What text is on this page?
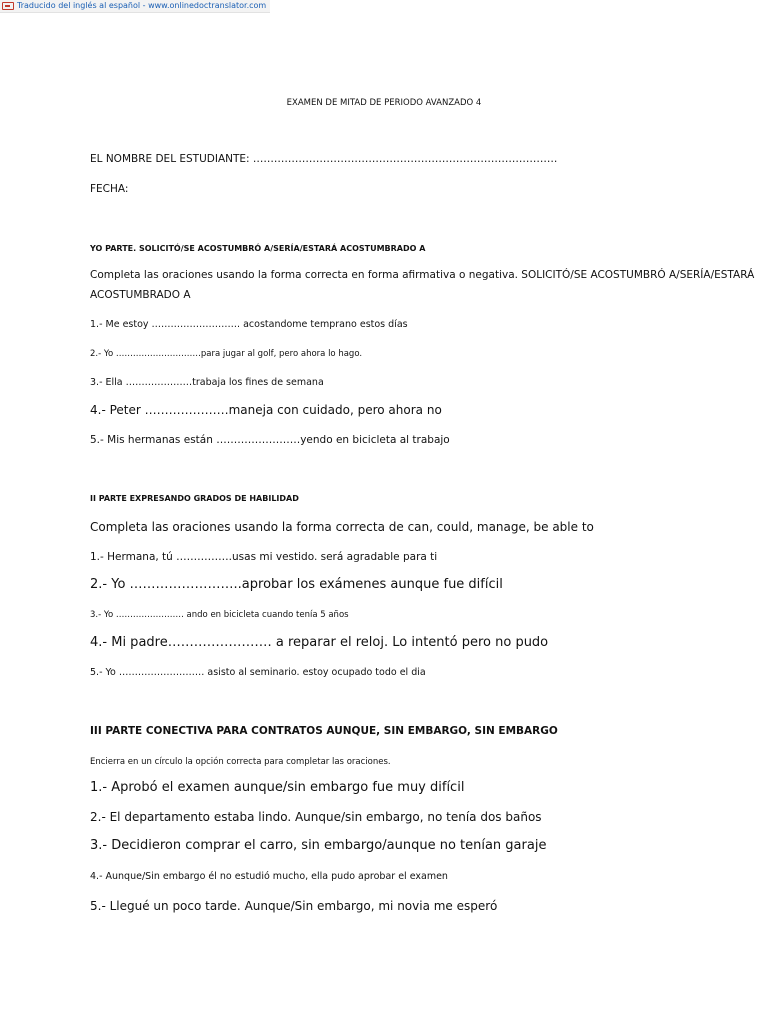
Traducido del inglés al español - www.onlinedoctranslator.com
EXAMEN DE MITAD DE PERIODO AVANZADO 4
EL NOMBRE DEL ESTUDIANTE: ……………………………………………………………………………
FECHA:
YO PARTE. SOLICITÓ/SE ACOSTUMBRÓ A/SERÍA/ESTARÁ ACOSTUMBRADO A
Completa las oraciones usando la forma correcta en forma afirmativa o negativa. SOLICITÓ/SE ACOSTUMBRÓ A/SERÍA/ESTARÁ
ACOSTUMBRADO A
1.- Me estoy ………………………. acostandome temprano estos días
2.- Yo …………………………para jugar al golf, pero ahora lo hago.
3.- Ella …………………trabaja los fines de semana
4.- Peter …………………maneja con cuidado, pero ahora no
5.- Mis hermanas están ……………………yendo en bicicleta al trabajo
II PARTE EXPRESANDO GRADOS DE HABILIDAD
Completa las oraciones usando la forma correcta de can, could, manage, be able to
1.- Hermana, tú …………….usas mi vestido. será agradable para ti
2.- Yo ……………………..aprobar los exámenes aunque fue difícil
3.- Yo …………………… ando en bicicleta cuando tenía 5 años
4.- Mi padre…………………… a reparar el reloj. Lo intentó pero no pudo
5.- Yo ……………………… asisto al seminario. estoy ocupado todo el dia
III PARTE CONECTIVA PARA CONTRATOS AUNQUE, SIN EMBARGO, SIN EMBARGO
Encierra en un círculo la opción correcta para completar las oraciones.
1.- Aprobó el examen aunque/sin embargo fue muy difícil
2.- El departamento estaba lindo. Aunque/sin embargo, no tenía dos baños
3.- Decidieron comprar el carro, sin embargo/aunque no tenían garaje
4.- Aunque/Sin embargo él no estudió mucho, ella pudo aprobar el examen
5.- Llegué un poco tarde. Aunque/Sin embargo, mi novia me esperó
